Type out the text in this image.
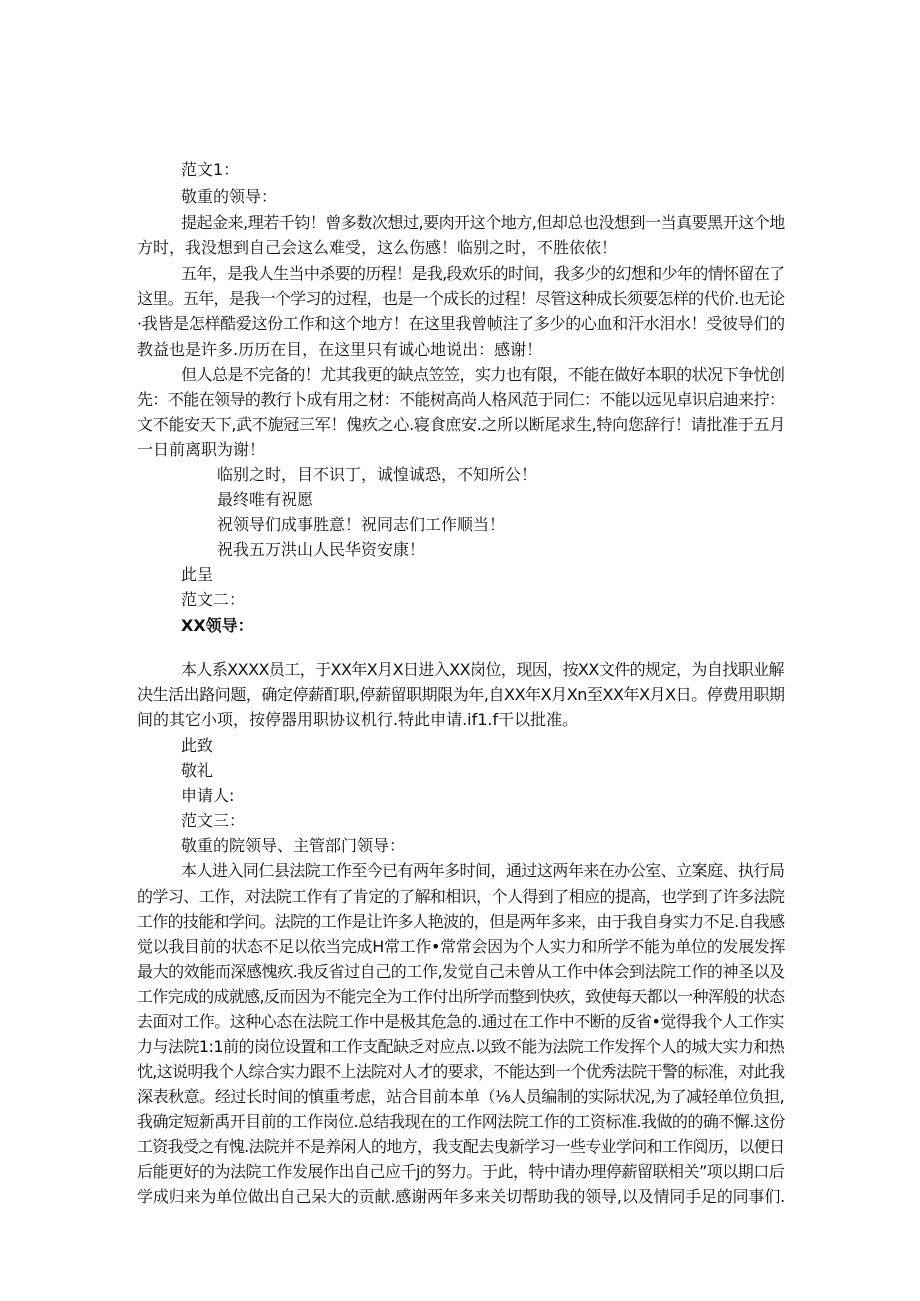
范文1：
敬重的领导：
提起金来,理若千钧！曾多数次想过,要肉开这个地方,但却总也没想到一当真要黑开这个地
方时，我没想到自己会这么难受，这么伤感！临别之时，不胜依依！
五年，是我人生当中杀要的历程！是我,段欢乐的时间，我多少的幻想和少年的情怀留在了
这里。五年，是我一个学习的过程，也是一个成长的过程！尽管这种成长须要怎样的代价.也无论
·我皆是怎样酷爱这份工作和这个地方！在这里我曾帧注了多少的心血和汗水泪水！受彼导们的
教益也是许多.历历在目，在这里只有诚心地说出：感谢！
但人总是不完备的！尤其我更的缺点笠笠，实力也有限，不能在做好本职的状况下争忧创
先：不能在领导的教行卜成有用之材：不能树高尚人格风范于同仁：不能以远见卓识启迪来拧：
文不能安天下,武不旎冠三军！傀疚之心.寝食庶安.之所以断尾求生,特向您辞行！请批准于五月
一日前离职为谢！
临别之时，目不识丁，诚惶诚恐，不知所公！
最终唯有祝愿
祝领导们成事胜意！祝同志们工作顺当！
祝我五万洪山人民华资安康！
此呈
范文二：
XX领导：
本人系XXXX员工，于XX年X月X日进入XX岗位，现因，按XX文件的规定，为自找职业解
决生活出路问题，确定停薪酊职,停薪留职期限为年,自XX年X月Xn至XX年X月X日。停费用职期
间的其它小项，按停器用职协议机行.特此申请.if1.f干以批准。
此致
敬礼
申请人:
范文三：
敬重的院领导、主管部门领导：
本人进入同仁县法院工作至今已有两年多时间，通过这两年来在办公室、立案庭、执行局
的学习、工作，对法院工作有了肯定的了解和相识，个人得到了相应的提高，也学到了许多法院
工作的技能和学问。法院的工作是让许多人艳波的，但是两年多来，由于我自身实力不足.自我感
觉以我目前的状态不足以依当完成H常工作•常常会因为个人实力和所学不能为单位的发展发挥
最大的效能而深感愧疚.我反省过自己的工作,发觉自己未曾从工作中体会到法院工作的神圣以及
工作完成的成就感,反而因为不能完全为工作付出所学而整到快疚，致使每天都以一种浑般的状态
去面对工作。这种心态在法院工作中是极其危急的.通过在工作中不断的反省•觉得我个人工作实
力与法院1:1前的岗位设置和工作支配缺乏对应点.以致不能为法院工作发挥个人的城大实力和热
忱,这说明我个人综合实力跟不上法院对人才的要求，不能达到一个优秀法院干警的标准，对此我
深表秋意。经过长时间的慎重考虑，站合目前本单（⅛人员编制的实际状况,为了减轻单位负担,
我确定短新禹开目前的工作岗位.总结我现在的工作网法院工作的工资标准.我做的的确不懈.这份
工资我受之有愧.法院并不是养闲人的地方，我支配去曳新学习一些专业学问和工作阅历，以便日
后能更好的为法院工作发展作出自己应千j的努力。于此，特中请办理停薪留联相关”项以期口后
学成归来为单位做出自己呆大的贡献.感谢两年多来关切帮助我的领导,以及情同手足的同事们.
